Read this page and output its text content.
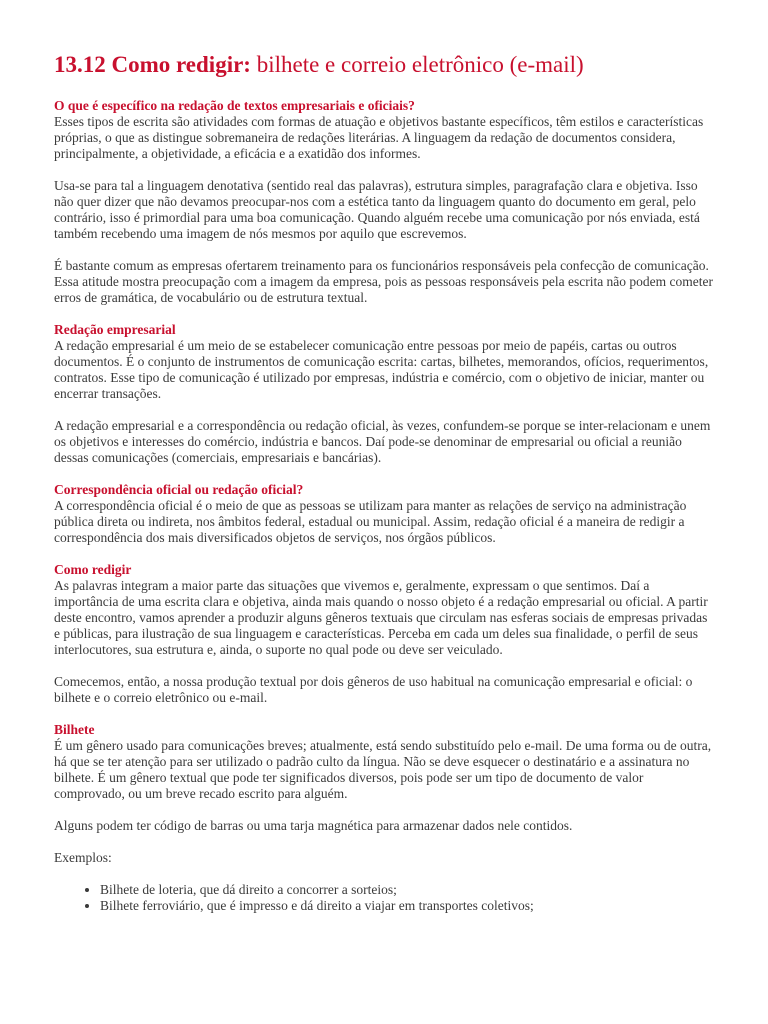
13.12 Como redigir: bilhete e correio eletrônico (e-mail)
O que é específico na redação de textos empresariais e oficiais?

Esses tipos de escrita são atividades com formas de atuação e objetivos bastante específicos, têm estilos e características próprias, o que as distingue sobremaneira de redações literárias. A linguagem da redação de documentos considera, principalmente, a objetividade, a eficácia e a exatidão dos informes.

Usa-se para tal a linguagem denotativa (sentido real das palavras), estrutura simples, paragrafação clara e objetiva. Isso não quer dizer que não devamos preocupar-nos com a estética tanto da linguagem quanto do documento em geral, pelo contrário, isso é primordial para uma boa comunicação. Quando alguém recebe uma comunicação por nós enviada, está também recebendo uma imagem de nós mesmos por aquilo que escrevemos.

É bastante comum as empresas ofertarem treinamento para os funcionários responsáveis pela confecção de comunicação. Essa atitude mostra preocupação com a imagem da empresa, pois as pessoas responsáveis pela escrita não podem cometer erros de gramática, de vocabulário ou de estrutura textual.

Redação empresarial

A redação empresarial é um meio de se estabelecer comunicação entre pessoas por meio de papéis, cartas ou outros documentos. É o conjunto de instrumentos de comunicação escrita: cartas, bilhetes, memorandos, ofícios, requerimentos, contratos. Esse tipo de comunicação é utilizado por empresas, indústria e comércio, com o objetivo de iniciar, manter ou encerrar transações.

A redação empresarial e a correspondência ou redação oficial, às vezes, confundem-se porque se inter-relacionam e unem os objetivos e interesses do comércio, indústria e bancos. Daí pode-se denominar de empresarial ou oficial a reunião dessas comunicações (comerciais, empresariais e bancárias).

Correspondência oficial ou redação oficial?

A correspondência oficial é o meio de que as pessoas se utilizam para manter as relações de serviço na administração pública direta ou indireta, nos âmbitos federal, estadual ou municipal. Assim, redação oficial é a maneira de redigir a correspondência dos mais diversificados objetos de serviços, nos órgãos públicos.

Como redigir

As palavras integram a maior parte das situações que vivemos e, geralmente, expressam o que sentimos. Daí a importância de uma escrita clara e objetiva, ainda mais quando o nosso objeto é a redação empresarial ou oficial. A partir deste encontro, vamos aprender a produzir alguns gêneros textuais que circulam nas esferas sociais de empresas privadas e públicas, para ilustração de sua linguagem e características. Perceba em cada um deles sua finalidade, o perfil de seus interlocutores, sua estrutura e, ainda, o suporte no qual pode ou deve ser veiculado.

Comecemos, então, a nossa produção textual por dois gêneros de uso habitual na comunicação empresarial e oficial: o bilhete e o correio eletrônico ou e-mail.

Bilhete

É um gênero usado para comunicações breves; atualmente, está sendo substituído pelo e-mail. De uma forma ou de outra, há que se ter atenção para ser utilizado o padrão culto da língua. Não se deve esquecer o destinatário e a assinatura no bilhete. É um gênero textual que pode ter significados diversos, pois pode ser um tipo de documento de valor comprovado, ou um breve recado escrito para alguém.

Alguns podem ter código de barras ou uma tarja magnética para armazenar dados nele contidos.

Exemplos:

• Bilhete de loteria, que dá direito a concorrer a sorteios;
• Bilhete ferroviário, que é impresso e dá direito a viajar em transportes coletivos;
